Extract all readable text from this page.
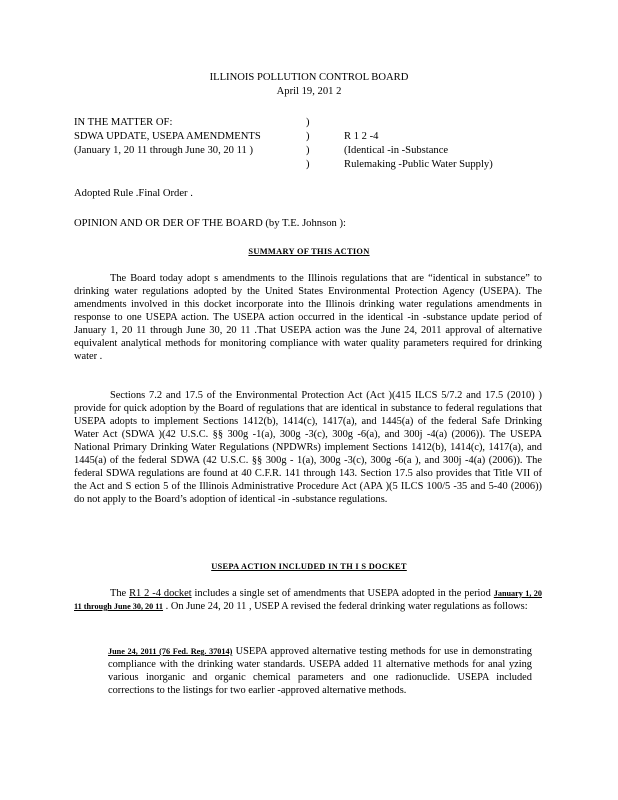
ILLINOIS POLLUTION CONTROL BOARD
April 19, 201 2
IN THE MATTER OF:
SDWA UPDATE, USEPA AMENDMENTS
(January 1, 20 11 through June 30, 20 11 )
)
)
)
)
R 1 2 -4
(Identical -in -Substance
Rulemaking -Public Water Supply)
Adopted Rule .Final Order .
OPINION AND OR DER OF THE BOARD (by T.E. Johnson ):
SUMMARY OF THIS ACTION

The Board today adopt s amendments to the Illinois regulations that are “identical in substance” to drinking water regulations adopted by the United States Environmental Protection Agency (USEPA). The amendments involved in this docket incorporate into the Illinois drinking water regulations amendments in response to one USEPA action. The USEPA action occurred in the identical -in -substance update period of January 1, 20 11 through June 30, 20 11 .That USEPA action was the June 24, 2011 approval of alternative equivalent analytical methods for monitoring compliance with water quality parameters required for drinking water .

Sections 7.2 and 17.5 of the Environmental Protection Act (Act )(415 ILCS 5/7.2 and 17.5 (2010) ) provide for quick adoption by the Board of regulations that are identical in substance to federal regulations that USEPA adopts to implement Sections 1412(b), 1414(c), 1417(a), and 1445(a) of the federal Safe Drinking Water Act (SDWA )(42 U.S.C. §§ 300g -1(a), 300g -3(c), 300g -6(a), and 300j -4(a) (2006)). The USEPA National Primary Drinking Water Regulations (NPDWRs) implement Sections 1412(b), 1414(c), 1417(a), and 1445(a) of the federal SDWA (42 U.S.C. §§ 300g - 1(a), 300g -3(c), 300g -6(a ), and 300j -4(a) (2006)). The federal SDWA regulations are found at 40 C.F.R. 141 through 143. Section 17.5 also provides that Title VII of the Act and S ection 5 of the Illinois Administrative Procedure Act (APA )(5 ILCS 100/5 -35 and 5-40 (2006)) do not apply to the Board’s adoption of identical -in -substance regulations.

USEPA ACTION INCLUDED IN TH I S DOCKET

The R1 2 -4 docket includes a single set of amendments that USEPA adopted in the period January 1, 20 11 through June 30, 20 11 . On June 24, 20 11 , USEP A revised the federal drinking water regulations as follows:

June 24, 2011 (76 Fed. Reg. 37014) USEPA approved alternative testing methods for use in demonstrating compliance with the drinking water standards. USEPA added 11 alternative methods for anal yzing various inorganic and organic chemical parameters and one radionuclide. USEPA included corrections to the listings for two earlier -approved alternative methods.
